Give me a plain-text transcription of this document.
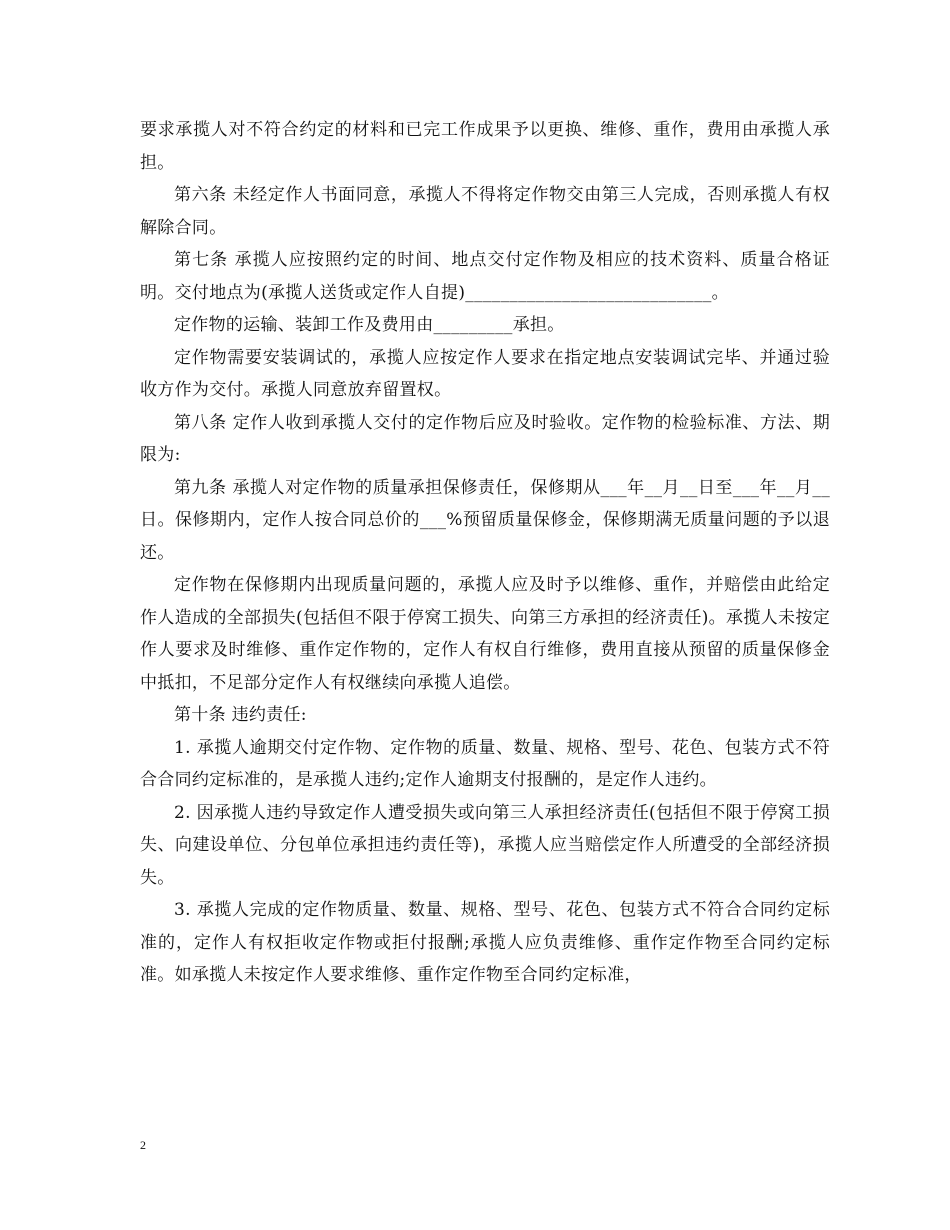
要求承揽人对不符合约定的材料和已完工作成果予以更换、维修、重作，费用由承揽人承担。

第六条 未经定作人书面同意，承揽人不得将定作物交由第三人完成，否则承揽人有权解除合同。

第七条 承揽人应按照约定的时间、地点交付定作物及相应的技术资料、质量合格证明。交付地点为(承揽人送货或定作人自提)____________________________。

定作物的运输、装卸工作及费用由_________承担。

定作物需要安装调试的，承揽人应按定作人要求在指定地点安装调试完毕、并通过验收方作为交付。承揽人同意放弃留置权。

第八条 定作人收到承揽人交付的定作物后应及时验收。定作物的检验标准、方法、期限为:

第九条 承揽人对定作物的质量承担保修责任，保修期从___年__月__日至___年__月__日。保修期内，定作人按合同总价的___%预留质量保修金，保修期满无质量问题的予以退还。

定作物在保修期内出现质量问题的，承揽人应及时予以维修、重作，并赔偿由此给定作人造成的全部损失(包括但不限于停窝工损失、向第三方承担的经济责任)。承揽人未按定作人要求及时维修、重作定作物的，定作人有权自行维修，费用直接从预留的质量保修金中抵扣，不足部分定作人有权继续向承揽人追偿。

第十条 违约责任:

1. 承揽人逾期交付定作物、定作物的质量、数量、规格、型号、花色、包装方式不符合合同约定标准的，是承揽人违约;定作人逾期支付报酬的，是定作人违约。

2. 因承揽人违约导致定作人遭受损失或向第三人承担经济责任(包括但不限于停窝工损失、向建设单位、分包单位承担违约责任等)，承揽人应当赔偿定作人所遭受的全部经济损失。

3. 承揽人完成的定作物质量、数量、规格、型号、花色、包装方式不符合合同约定标准的，定作人有权拒收定作物或拒付报酬;承揽人应负责维修、重作定作物至合同约定标准。如承揽人未按定作人要求维修、重作定作物至合同约定标准，

2
